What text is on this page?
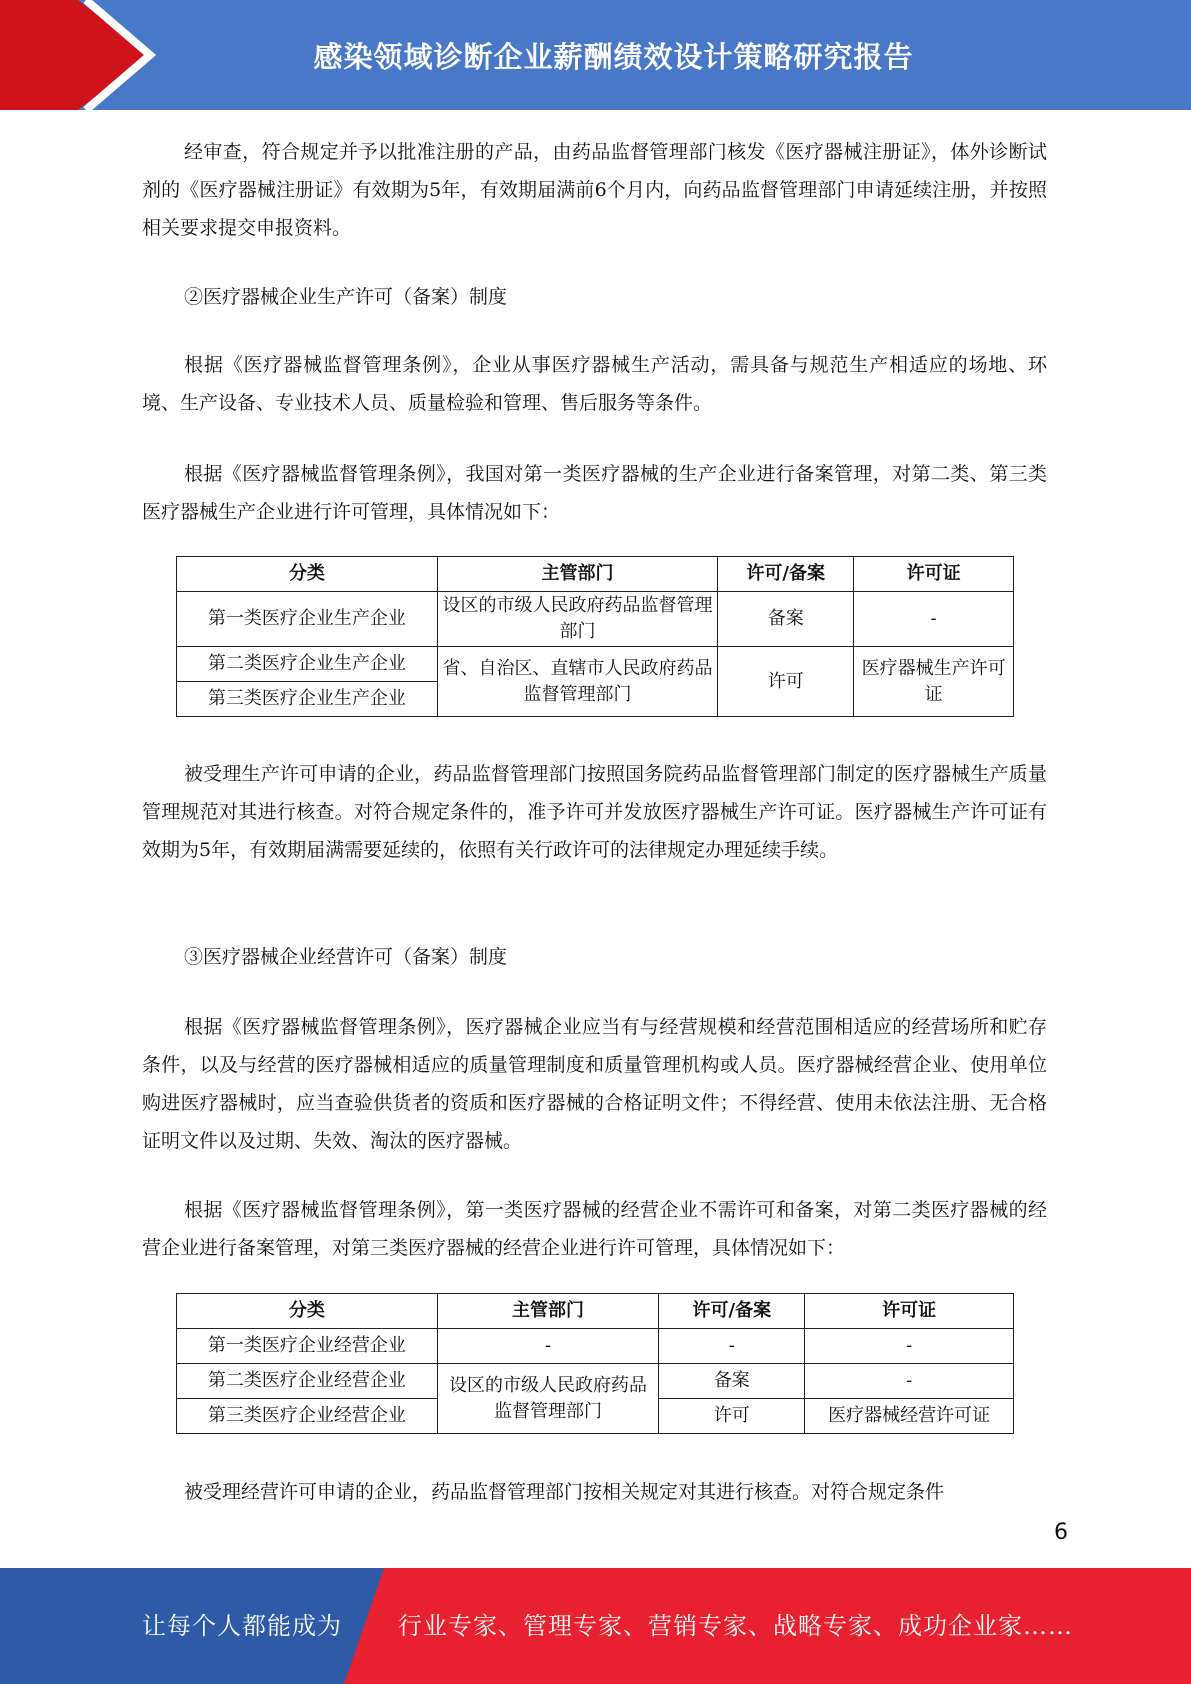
感染领域诊断企业薪酬绩效设计策略研究报告

经审查，符合规定并予以批准注册的产品，由药品监督管理部门核发《医疗器械注册证》，体外诊断试剂的《医疗器械注册证》有效期为5年，有效期届满前6个月内，向药品监督管理部门申请延续注册，并按照相关要求提交申报资料。

②医疗器械企业生产许可（备案）制度

根据《医疗器械监督管理条例》，企业从事医疗器械生产活动，需具备与规范生产相适应的场地、环境、生产设备、专业技术人员、质量检验和管理、售后服务等条件。

根据《医疗器械监督管理条例》，我国对第一类医疗器械的生产企业进行备案管理，对第二类、第三类医疗器械生产企业进行许可管理，具体情况如下：

分类	主管部门	许可/备案	许可证
第一类医疗企业生产企业	设区的市级人民政府药品监督管理部门	备案	-
第二类医疗企业生产企业	省、自治区、直辖市人民政府药品监督管理部门	许可	医疗器械生产许可证
第三类医疗企业生产企业			

被受理生产许可申请的企业，药品监督管理部门按照国务院药品监督管理部门制定的医疗器械生产质量管理规范对其进行核查。对符合规定条件的，准予许可并发放医疗器械生产许可证。医疗器械生产许可证有效期为5年，有效期届满需要延续的，依照有关行政许可的法律规定办理延续手续。

③医疗器械企业经营许可（备案）制度

根据《医疗器械监督管理条例》，医疗器械企业应当有与经营规模和经营范围相适应的经营场所和贮存条件，以及与经营的医疗器械相适应的质量管理制度和质量管理机构或人员。医疗器械经营企业、使用单位购进医疗器械时，应当查验供货者的资质和医疗器械的合格证明文件；不得经营、使用未依法注册、无合格证明文件以及过期、失效、淘汰的医疗器械。

根据《医疗器械监督管理条例》，第一类医疗器械的经营企业不需许可和备案，对第二类医疗器械的经营企业进行备案管理，对第三类医疗器械的经营企业进行许可管理，具体情况如下：

分类	主管部门	许可/备案	许可证
第一类医疗企业经营企业	-	-	-
第二类医疗企业经营企业	设区的市级人民政府药品监督管理部门	备案	-
第三类医疗企业经营企业		许可	医疗器械经营许可证

被受理经营许可申请的企业，药品监督管理部门按相关规定对其进行核查。对符合规定条件

6
让每个人都能成为 行业专家、管理专家、营销专家、战略专家、成功企业家……
